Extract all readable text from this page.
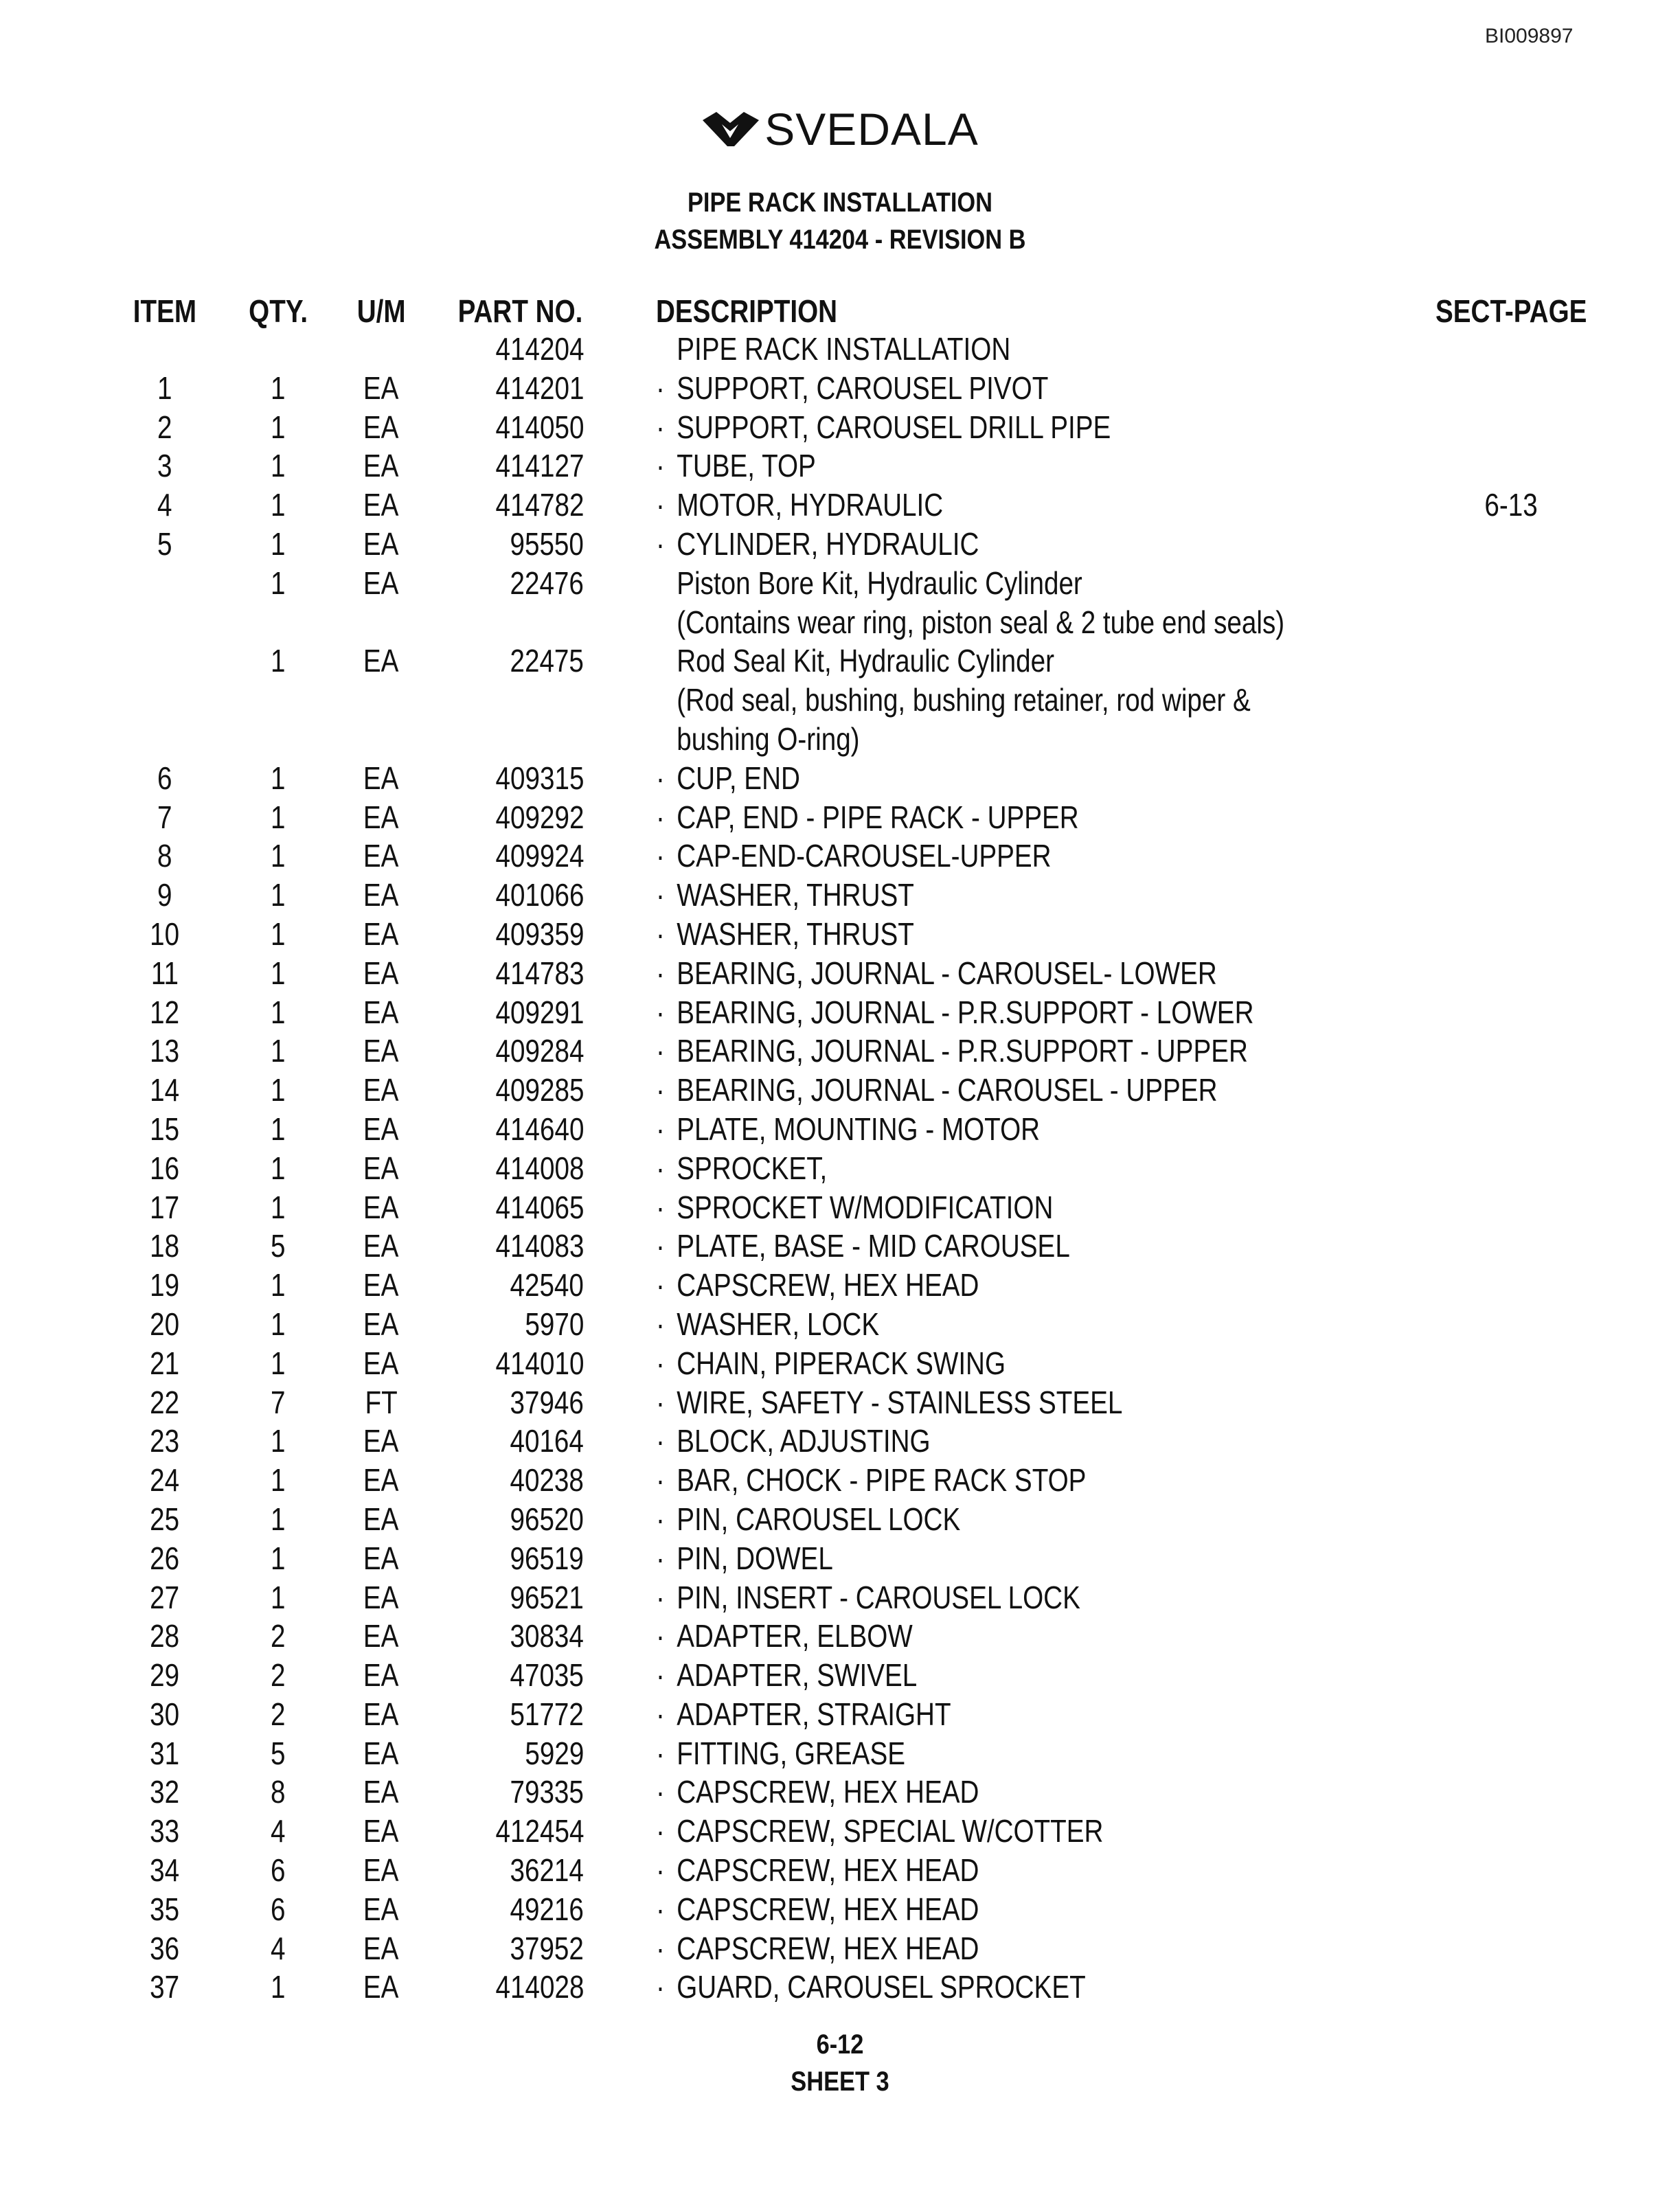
BI009897
SVEDALA
PIPE RACK INSTALLATION
ASSEMBLY 414204 - REVISION B
ITEM	QTY.	U/M	PART NO.		DESCRIPTION	SECT-PAGE
			414204		PIPE RACK INSTALLATION	
1	1	EA	414201		· SUPPORT, CAROUSEL PIVOT	
2	1	EA	414050		· SUPPORT, CAROUSEL DRILL PIPE	
3	1	EA	414127		· TUBE, TOP	
4	1	EA	414782		· MOTOR, HYDRAULIC	6-13
5	1	EA	95550		· CYLINDER, HYDRAULIC	
	1	EA	22476		Piston Bore Kit, Hydraulic Cylinder	
					(Contains wear ring, piston seal & 2 tube end seals)	
	1	EA	22475		Rod Seal Kit, Hydraulic Cylinder	
					(Rod seal, bushing, bushing retainer, rod wiper &	
					bushing O-ring)	
6	1	EA	409315		· CUP, END	
7	1	EA	409292		· CAP, END - PIPE RACK - UPPER	
8	1	EA	409924		· CAP-END-CAROUSEL-UPPER	
9	1	EA	401066		· WASHER, THRUST	
10	1	EA	409359		· WASHER, THRUST	
11	1	EA	414783		· BEARING, JOURNAL - CAROUSEL- LOWER	
12	1	EA	409291		· BEARING, JOURNAL - P.R.SUPPORT - LOWER	
13	1	EA	409284		· BEARING, JOURNAL - P.R.SUPPORT - UPPER	
14	1	EA	409285		· BEARING, JOURNAL - CAROUSEL - UPPER	
15	1	EA	414640		· PLATE, MOUNTING - MOTOR	
16	1	EA	414008		· SPROCKET,	
17	1	EA	414065		· SPROCKET W/MODIFICATION	
18	5	EA	414083		· PLATE, BASE - MID CAROUSEL	
19	1	EA	42540		· CAPSCREW, HEX HEAD	
20	1	EA	5970		· WASHER, LOCK	
21	1	EA	414010		· CHAIN, PIPERACK SWING	
22	7	FT	37946		· WIRE, SAFETY - STAINLESS STEEL	
23	1	EA	40164		· BLOCK, ADJUSTING	
24	1	EA	40238		· BAR, CHOCK - PIPE RACK STOP	
25	1	EA	96520		· PIN, CAROUSEL LOCK	
26	1	EA	96519		· PIN, DOWEL	
27	1	EA	96521		· PIN, INSERT - CAROUSEL LOCK	
28	2	EA	30834		· ADAPTER, ELBOW	
29	2	EA	47035		· ADAPTER, SWIVEL	
30	2	EA	51772		· ADAPTER, STRAIGHT	
31	5	EA	5929		· FITTING, GREASE	
32	8	EA	79335		· CAPSCREW, HEX HEAD	
33	4	EA	412454		· CAPSCREW, SPECIAL W/COTTER	
34	6	EA	36214		· CAPSCREW, HEX HEAD	
35	6	EA	49216		· CAPSCREW, HEX HEAD	
36	4	EA	37952		· CAPSCREW, HEX HEAD	
37	1	EA	414028		· GUARD, CAROUSEL SPROCKET	
6-12
SHEET 3
